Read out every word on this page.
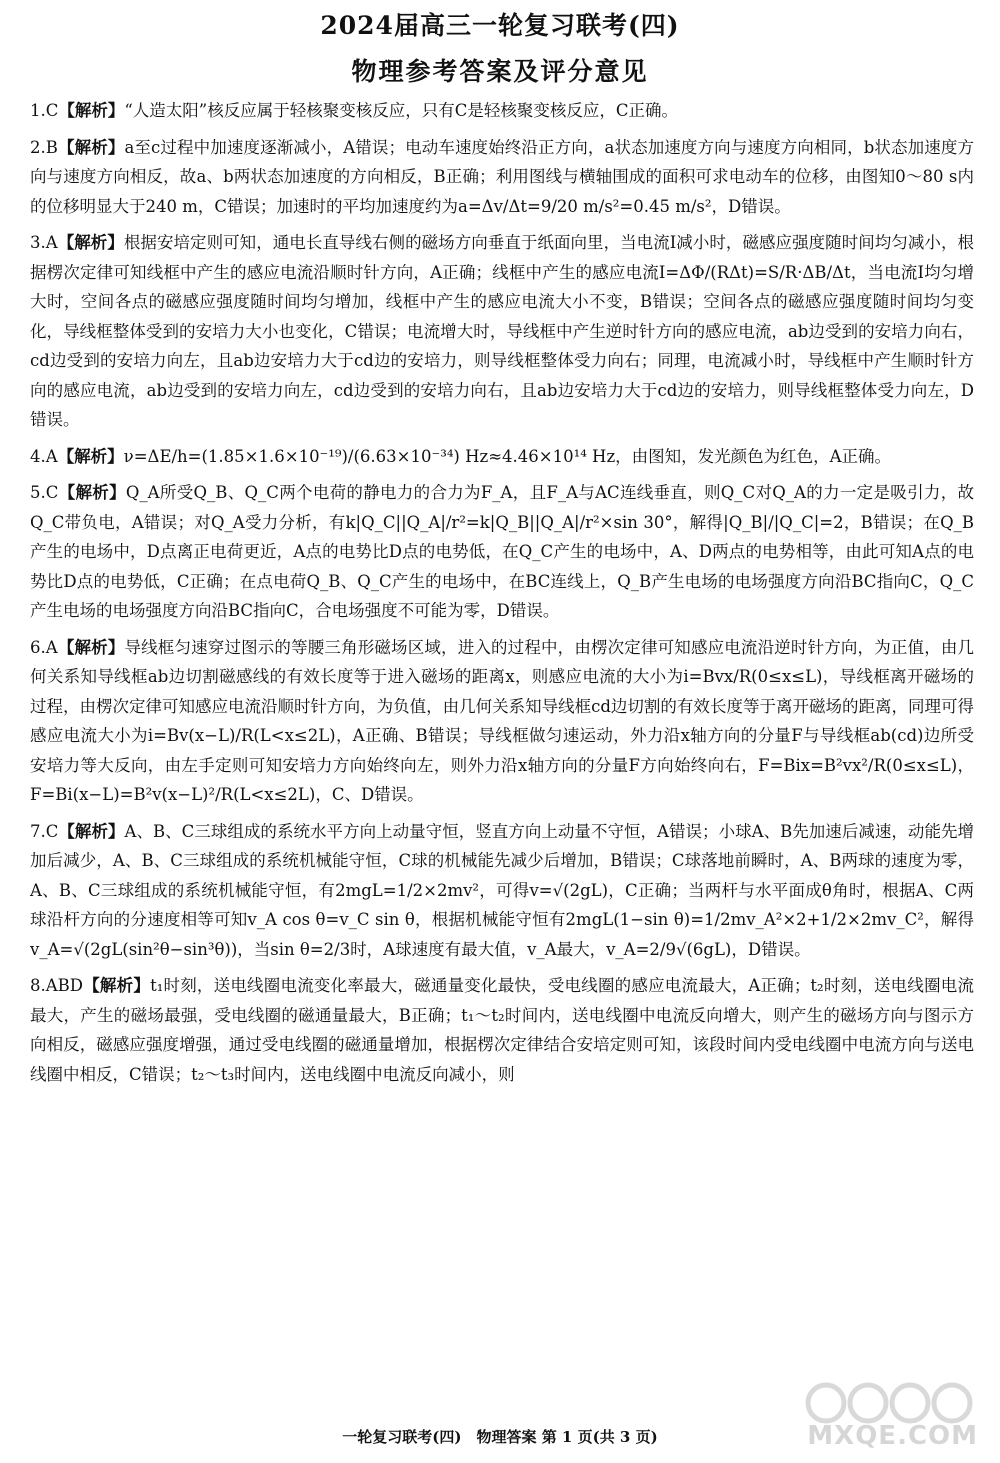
2024届高三一轮复习联考(四)
物理参考答案及评分意见
1.C【解析】“人造太阳”核反应属于轻核聚变核反应，只有C是轻核聚变核反应，C正确。
2.B【解析】a至c过程中加速度逐渐减小，A错误；电动车速度始终沿正方向，a状态加速度方向与速度方向相同，b状态加速度方向与速度方向相反，故a、b两状态加速度的方向相反，B正确；利用图线与横轴围成的面积可求电动车的位移，由图知0～80 s内的位移明显大于240 m，C错误；加速时的平均加速度约为a=Δv/Δt=9/20 m/s²=0.45 m/s²，D错误。
3.A【解析】根据安培定则可知，通电长直导线右侧的磁场方向垂直于纸面向里，当电流I减小时，磁感应强度随时间均匀减小，根据楞次定律可知线框中产生的感应电流沿顺时针方向，A正确；线框中产生的感应电流I=ΔΦ/(RΔt)=S/R·ΔB/Δt，当电流I均匀增大时，空间各点的磁感应强度随时间均匀增加，线框中产生的感应电流大小不变，B错误；空间各点的磁感应强度随时间均匀变化，导线框整体受到的安培力大小也变化，C错误；电流增大时，导线框中产生逆时针方向的感应电流，ab边受到的安培力向右，cd边受到的安培力向左，且ab边安培力大于cd边的安培力，则导线框整体受力向右；同理，电流减小时，导线框中产生顺时针方向的感应电流，ab边受到的安培力向左，cd边受到的安培力向右，且ab边安培力大于cd边的安培力，则导线框整体受力向左，D错误。
4.A【解析】ν=ΔE/h=(1.85×1.6×10⁻¹⁹)/(6.63×10⁻³⁴) Hz≈4.46×10¹⁴ Hz，由图知，发光颜色为红色，A正确。
5.C【解析】Q_A所受Q_B、Q_C两个电荷的静电力的合力为F_A，且F_A与AC连线垂直，则Q_C对Q_A的力一定是吸引力，故Q_C带负电，A错误；对Q_A受力分析，有k|Q_C||Q_A|/r²=k|Q_B||Q_A|/r²×sin 30°，解得|Q_B|/|Q_C|=2，B错误；在Q_B产生的电场中，D点离正电荷更近，A点的电势比D点的电势低，在Q_C产生的电场中，A、D两点的电势相等，由此可知A点的电势比D点的电势低，C正确；在点电荷Q_B、Q_C产生的电场中，在BC连线上，Q_B产生电场的电场强度方向沿BC指向C，Q_C产生电场的电场强度方向沿BC指向C，合电场强度不可能为零，D错误。
6.A【解析】导线框匀速穿过图示的等腰三角形磁场区域，进入的过程中，由楞次定律可知感应电流沿逆时针方向，为正值，由几何关系知导线框ab边切割磁感线的有效长度等于进入磁场的距离x，则感应电流的大小为i=Bvx/R(0≤x≤L)，导线框离开磁场的过程，由楞次定律可知感应电流沿顺时针方向，为负值，由几何关系知导线框cd边切割的有效长度等于离开磁场的距离，同理可得感应电流大小为i=Bv(x−L)/R(L<x≤2L)，A正确、B错误；导线框做匀速运动，外力沿x轴方向的分量F与导线框ab(cd)边所受安培力等大反向，由左手定则可知安培力方向始终向左，则外力沿x轴方向的分量F方向始终向右，F=Bix=B²vx²/R(0≤x≤L)，F=Bi(x−L)=B²v(x−L)²/R(L<x≤2L)，C、D错误。
7.C【解析】A、B、C三球组成的系统水平方向上动量守恒，竖直方向上动量不守恒，A错误；小球A、B先加速后减速，动能先增加后减少，A、B、C三球组成的系统机械能守恒，C球的机械能先减少后增加，B错误；C球落地前瞬时，A、B两球的速度为零，A、B、C三球组成的系统机械能守恒，有2mgL=1/2×2mv²，可得v=√(2gL)，C正确；当两杆与水平面成θ角时，根据A、C两球沿杆方向的分速度相等可知v_A cos θ=v_C sin θ，根据机械能守恒有2mgL(1−sin θ)=1/2mv_A²×2+1/2×2mv_C²，解得v_A=√(2gL(sin²θ−sin³θ))，当sin θ=2/3时，A球速度有最大值，v_A最大，v_A=2/9√(6gL)，D错误。
8.ABD【解析】t₁时刻，送电线圈电流变化率最大，磁通量变化最快，受电线圈的感应电流最大，A正确；t₂时刻，送电线圈电流最大，产生的磁场最强，受电线圈的磁通量最大，B正确；t₁～t₂时间内，送电线圈中电流反向增大，则产生的磁场方向与图示方向相反，磁感应强度增强，通过受电线圈的磁通量增加，根据楞次定律结合安培定则可知，该段时间内受电线圈中电流方向与送电线圈中相反，C错误；t₂～t₃时间内，送电线圈中电流反向减小，则
一轮复习联考(四)　物理答案 第 1 页(共 3 页)	MXQE.COM
